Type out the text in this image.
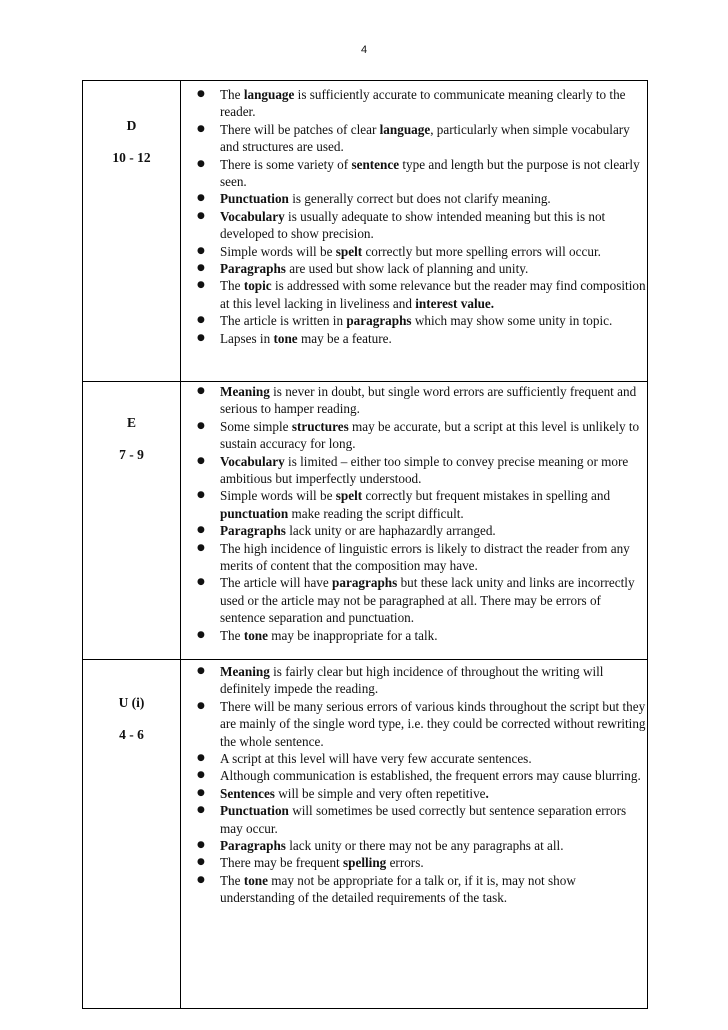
4
D
10 - 12
● The language is sufficiently accurate to communicate meaning clearly to the reader.
● There will be patches of clear language, particularly when simple vocabulary and structures are used.
● There is some variety of sentence type and length but the purpose is not clearly seen.
● Punctuation is generally correct but does not clarify meaning.
● Vocabulary is usually adequate to show intended meaning but this is not developed to show precision.
● Simple words will be spelt correctly but more spelling errors will occur.
● Paragraphs are used but show lack of planning and unity.
● The topic is addressed with some relevance but the reader may find composition at this level lacking in liveliness and interest value.
● The article is written in paragraphs which may show some unity in topic.
● Lapses in tone may be a feature.
E
7 - 9
● Meaning is never in doubt, but single word errors are sufficiently frequent and serious to hamper reading.
● Some simple structures may be accurate, but a script at this level is unlikely to sustain accuracy for long.
● Vocabulary is limited – either too simple to convey precise meaning or more ambitious but imperfectly understood.
● Simple words will be spelt correctly but frequent mistakes in spelling and punctuation make reading the script difficult.
● Paragraphs lack unity or are haphazardly arranged.
● The high incidence of linguistic errors is likely to distract the reader from any merits of content that the composition may have.
● The article will have paragraphs but these lack unity and links are incorrectly used or the article may not be paragraphed at all. There may be errors of sentence separation and punctuation.
● The tone may be inappropriate for a talk.
U (i)
4 - 6
● Meaning is fairly clear but high incidence of throughout the writing will definitely impede the reading.
● There will be many serious errors of various kinds throughout the script but they are mainly of the single word type, i.e. they could be corrected without rewriting the whole sentence.
● A script at this level will have very few accurate sentences.
● Although communication is established, the frequent errors may cause blurring.
● Sentences will be simple and very often repetitive.
● Punctuation will sometimes be used correctly but sentence separation errors may occur.
● Paragraphs lack unity or there may not be any paragraphs at all.
● There may be frequent spelling errors.
● The tone may not be appropriate for a talk or, if it is, may not show understanding of the detailed requirements of the task.
